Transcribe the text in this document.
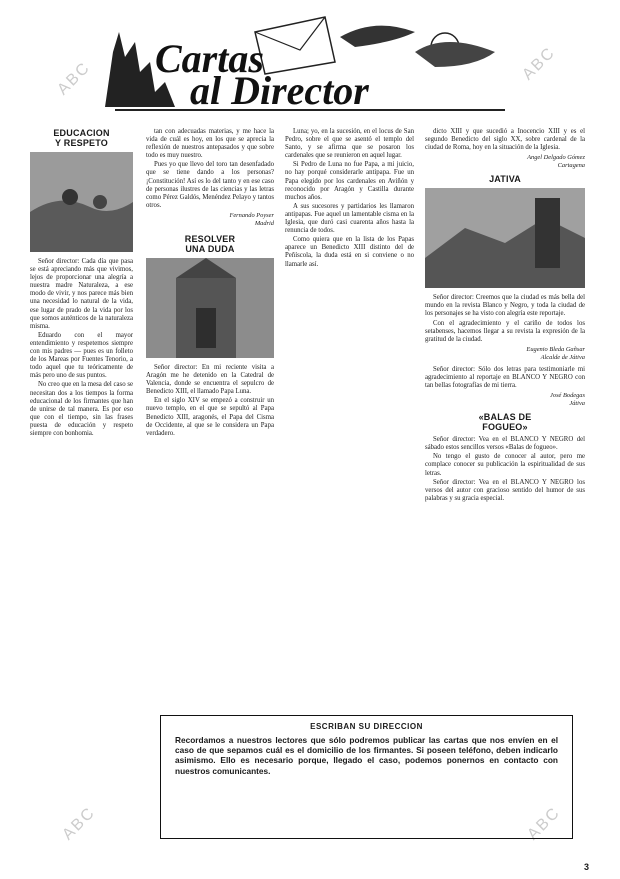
Cartas
al Director
ABC	ABC
ABC	ABC
EDUCACION
Y RESPETO

Señor director: Cada día que pasa se está apreciando más que vivimos, lejos de proporcionar una alegría a nuestra madre Naturaleza, a ese modo de vivir, y nos parece más bien una necesidad lo natural de la vida, ese lugar de prado de la vida por los que somos auténticos de la naturaleza misma.

Eduardo con el mayor entendimiento y respetemos siempre con mis padres — pues es un folleto de los Mareas por Fuentes Tenorio, a todo aquel que tu teóricamente de más pero uno de sus puntos.

No creo que en la mesa del caso se necesitan dos a los tiempos la forma educacional de los firmantes que han de unirse de tal manera. Es por eso que con el tiempo, sin las frases puesta de educación y respeto siempre con bonhomia.

tan con adecuadas materias, y me hace la vida de cuál es hoy, en los que se aprecia la reflexión de nuestros antepasados y que sobre todo es muy nuestro.

Pues yo que llevo del toro tan desenfadado que se tiene dando a los personas? ¡Constitución! Así es lo del tanto y en ese caso de personas ilustres de las ciencias y las letras como Pérez Galdós, Menéndez Pelayo y tantos otros.

Fernando Poyser
Madrid
RESOLVER
UNA DUDA

Señor director: En mi reciente visita a Aragón me he detenido en la Catedral de Valencia, donde se encuentra el sepulcro de Benedicto XIII, el llamado Papa Luna.

En el siglo XIV se empezó a construir un nuevo templo, en el que se sepultó al Papa Benedicto XIII, aragonés, el Papa del Cisma de Occidente, al que se le considera un Papa verdadero.

Luna; yo, en la sucesión, en el locus de San Pedro, sobre el que se asentó el templo del Santo, y se afirma que se posaron los cardenales que se reunieron en aquel lugar.

Si Pedro de Luna no fue Papa, a mi juicio, no hay porqué considerarle antipapa. Fue un Papa elegido por los cardenales en Aviñón y reconocido por Aragón y Castilla durante muchos años.

A sus sucesores y partidarios les llamaron antipapas. Fue aquel un lamentable cisma en la Iglesia, que duró casi cuarenta años hasta la renuncia de todos.

Como quiera que en la lista de los Papas aparece un Benedicto XIII distinto del de Peñíscola, la duda está en si conviene o no llamarle así.

dicto XIII y que sucedió a Inocencio XIII y es el segundo Benedicto del siglo XX, sobre cardenal de la ciudad de Roma, hoy en la situación de la Iglesia.

Angel Delgado Gómez
Cartagena
JATIVA

Señor director: Creemos que la ciudad es más bella del mundo en la revista Blanco y Negro, y toda la ciudad de los personajes se ha visto con alegría este reportaje.

Con el agradecimiento y el cariño de todos los setabenses, hacemos llegar a su revista la expresión de la gratitud de la ciudad.

Eugenio Bleda Gañsar
Alcalde de Játiva

Señor director: Sólo dos letras para testimoniarle mi agradecimiento al reportaje en BLANCO Y NEGRO con tan bellas fotografías de mi tierra.

José Bodegas
Játiva
«BALAS DE
FOGUEO»

Señor director: Vea en el BLANCO Y NEGRO del sábado estos sencillos versos «Balas de fogueo».

No tengo el gusto de conocer al autor, pero me complace conocer su publicación la espiritualidad de sus letras.

Señor director: Vea en el BLANCO Y NEGRO los versos del autor con gracioso sentido del humor de sus palabras y su gracia especial.

ESCRIBAN SU DIRECCION

Recordamos a nuestros lectores que sólo podremos publicar las cartas que nos envíen en el caso de que sepamos cuál es el domicilio de los firmantes. Si poseen teléfono, deben indicarlo asimismo. Ello es necesario porque, llegado el caso, podemos ponernos en contacto con nuestros comunicantes.

3
